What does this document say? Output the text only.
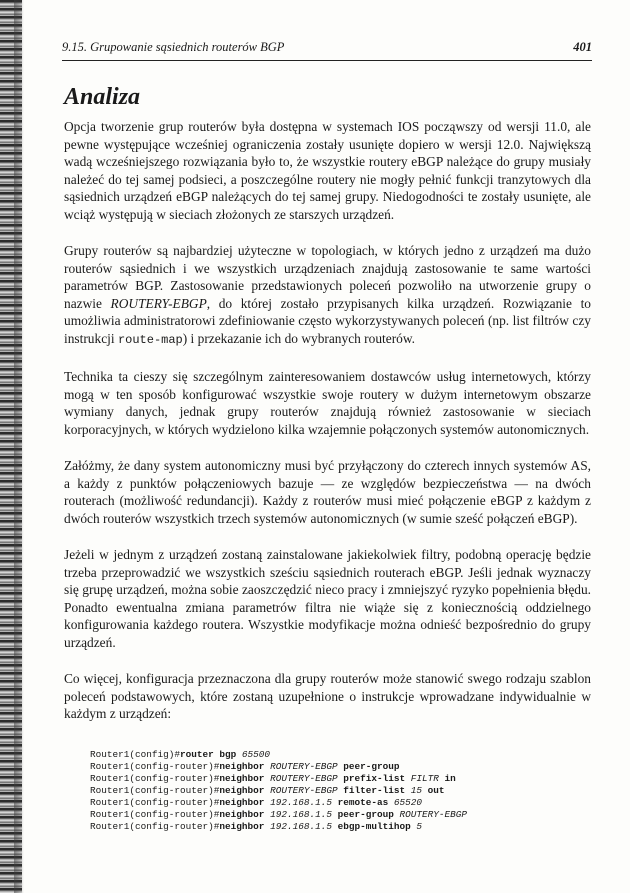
9.15. Grupowanie sąsiednich routerów BGP	401
Analiza

Opcja tworzenie grup routerów była dostępna w systemach IOS począwszy od wersji 11.0, ale pewne występujące wcześniej ograniczenia zostały usunięte dopiero w wersji 12.0. Największą wadą wcześniejszego rozwiązania było to, że wszystkie routery eBGP należące do grupy musiały należeć do tej samej podsieci, a poszczególne routery nie mogły pełnić funkcji tranzytowych dla sąsiednich urządzeń eBGP należących do tej samej grupy. Niedogodności te zostały usunięte, ale wciąż występują w sieciach złożonych ze starszych urządzeń.

Grupy routerów są najbardziej użyteczne w topologiach, w których jedno z urządzeń ma dużo routerów sąsiednich i we wszystkich urządzeniach znajdują zastosowanie te same wartości parametrów BGP. Zastosowanie przedstawionych poleceń pozwoliło na utworzenie grupy o nazwie ROUTERY-EBGP, do której zostało przypisanych kilka urządzeń. Rozwiązanie to umożliwia administratorowi zdefiniowanie często wykorzystywanych poleceń (np. list filtrów czy instrukcji route-map) i przekazanie ich do wybranych routerów.

Technika ta cieszy się szczególnym zainteresowaniem dostawców usług internetowych, którzy mogą w ten sposób konfigurować wszystkie swoje routery w dużym internetowym obszarze wymiany danych, jednak grupy routerów znajdują również zastosowanie w sieciach korporacyjnych, w których wydzielono kilka wzajemnie połączonych systemów autonomicznych.

Załóżmy, że dany system autonomiczny musi być przyłączony do czterech innych systemów AS, a każdy z punktów połączeniowych bazuje — ze względów bezpieczeństwa — na dwóch routerach (możliwość redundancji). Każdy z routerów musi mieć połączenie eBGP z każdym z dwóch routerów wszystkich trzech systemów autonomicznych (w sumie sześć połączeń eBGP).

Jeżeli w jednym z urządzeń zostaną zainstalowane jakiekolwiek filtry, podobną operację będzie trzeba przeprowadzić we wszystkich sześciu sąsiednich routerach eBGP. Jeśli jednak wyznaczy się grupę urządzeń, można sobie zaoszczędzić nieco pracy i zmniejszyć ryzyko popełnienia błędu. Ponadto ewentualna zmiana parametrów filtra nie wiąże się z koniecznością oddzielnego konfigurowania każdego routera. Wszystkie modyfikacje można odnieść bezpośrednio do grupy urządzeń.

Co więcej, konfiguracja przeznaczona dla grupy routerów może stanowić swego rodzaju szablon poleceń podstawowych, które zostaną uzupełnione o instrukcje wprowadzane indywidualnie w każdym z urządzeń:

Router1(config)#router bgp 65500
Router1(config-router)#neighbor ROUTERY-EBGP peer-group
Router1(config-router)#neighbor ROUTERY-EBGP prefix-list FILTR in
Router1(config-router)#neighbor ROUTERY-EBGP filter-list 15 out
Router1(config-router)#neighbor 192.168.1.5 remote-as 65520
Router1(config-router)#neighbor 192.168.1.5 peer-group ROUTERY-EBGP
Router1(config-router)#neighbor 192.168.1.5 ebgp-multihop 5
